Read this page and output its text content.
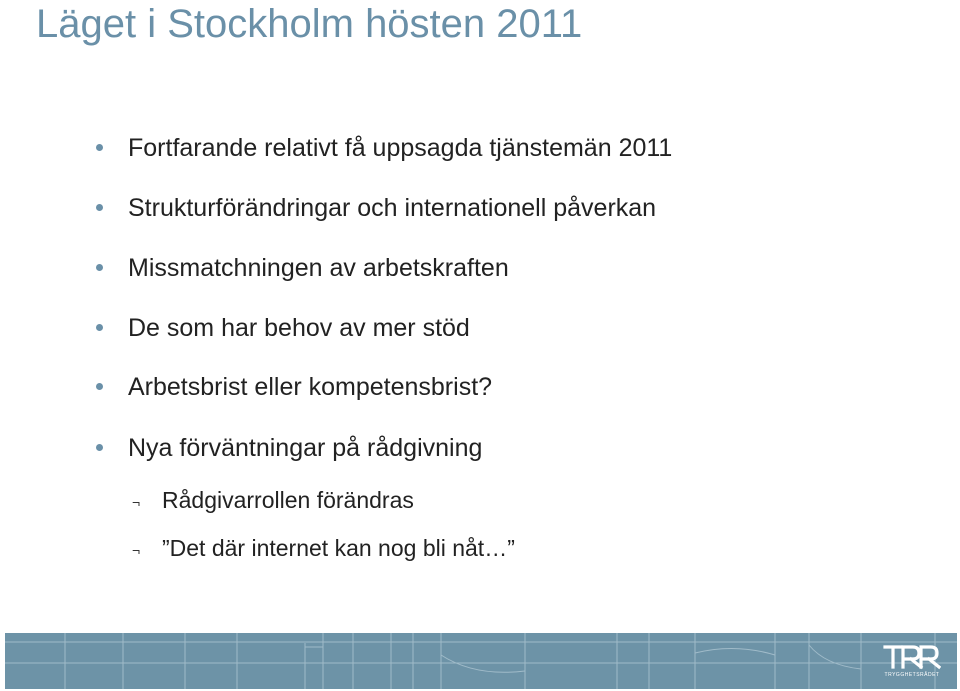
Läget i Stockholm hösten 2011
Fortfarande relativt få uppsagda tjänstemän 2011
Strukturförändringar och internationell påverkan
Missmatchningen av arbetskraften
De som har behov av mer stöd
Arbetsbrist eller kompetensbrist?
Nya förväntningar på rådgivning
¬ Rådgivarrollen förändras
¬ ”Det där internet kan nog bli nåt…”
TRYGGHETSRÅDET
